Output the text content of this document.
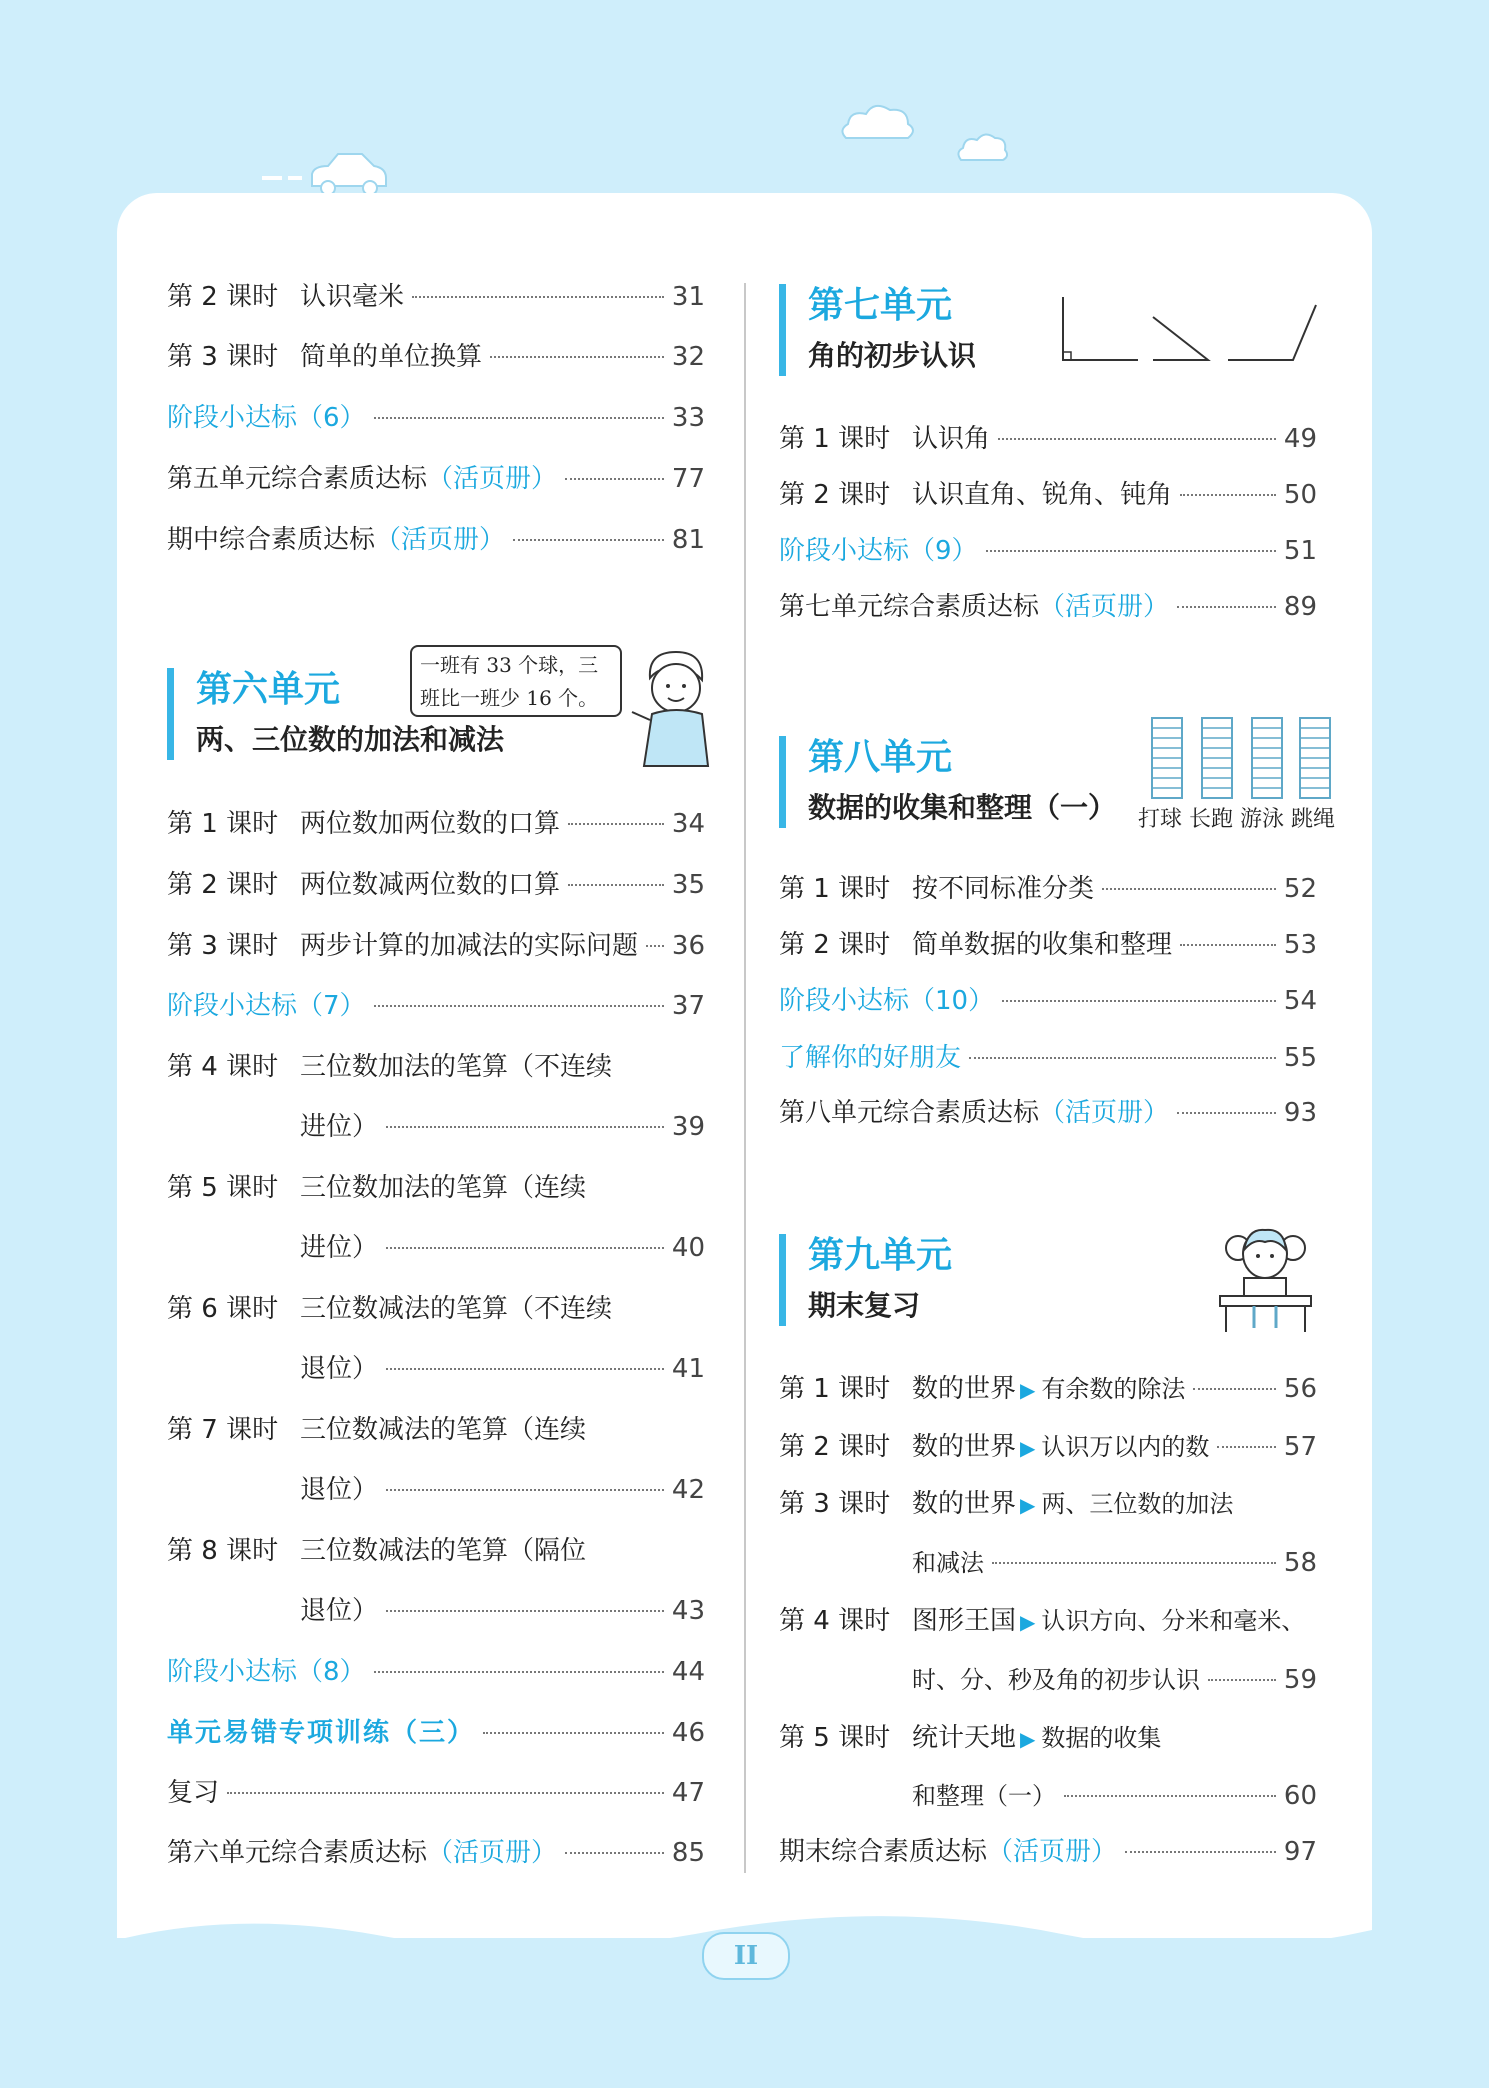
第 2 课时 认识毫米	31
第 3 课时 简单的单位换算	32
阶段小达标（6）	33
第五单元综合素质达标 （活页册）	77
期中综合素质达标 （活页册）	81
第六单元
两、三位数的加法和减法
一班有 33 个球，三班比一班少 16 个。
第 1 课时 两位数加两位数的口算	34
第 2 课时 两位数减两位数的口算	35
第 3 课时 两步计算的加减法的实际问题 36
阶段小达标（7）	37
第 4 课时 三位数加法的笔算（不连续
进位）	39
第 5 课时 三位数加法的笔算（连续
进位）	40
第 6 课时 三位数减法的笔算（不连续
退位）	41
第 7 课时 三位数减法的笔算（连续
退位）	42
第 8 课时 三位数减法的笔算（隔位
退位）	43
阶段小达标（8）	44
单元易错专项训练（三）	46
复习	47
第六单元综合素质达标 （活页册）	85
第七单元
角的初步认识
第 1 课时 认识角	49
第 2 课时 认识直角、锐角、钝角	50
阶段小达标（9）	51
第七单元综合素质达标 （活页册）	89
第八单元
数据的收集和整理（一） 打球 长跑 游泳 跳绳
第 1 课时 按不同标准分类	52
第 2 课时 简单数据的收集和整理	53
阶段小达标（10）	54
了解你的好朋友	55
第八单元综合素质达标 （活页册）	93
第九单元
期末复习
第 1 课时 数的世界 ▶ 有余数的除法	56
第 2 课时 数的世界 ▶ 认识万以内的数	57
第 3 课时 数的世界 ▶ 两、三位数的加法
和减法	58
第 4 课时 图形王国 ▶ 认识方向、分米和毫米、
时、分、秒及角的初步认识	59
第 5 课时 统计天地 ▶ 数据的收集
和整理（一）	60
期末综合素质达标 （活页册）	97
II
